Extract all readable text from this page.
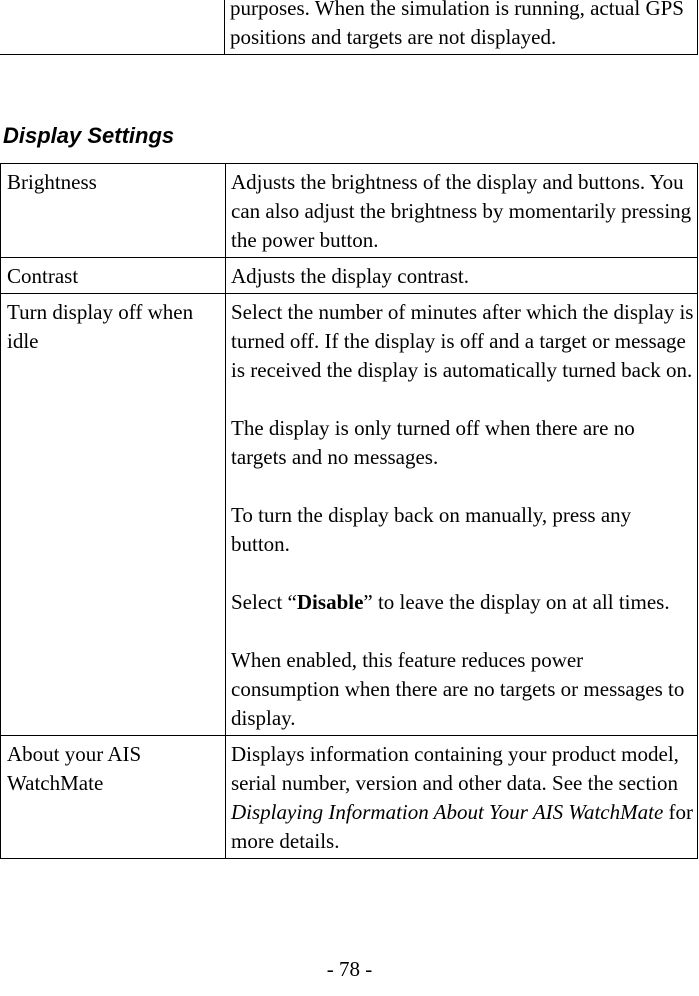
purposes. When the simulation is running, actual GPS positions and targets are not displayed.

Display Settings
Brightness	Adjusts the brightness of the display and buttons. You can also adjust the brightness by momentarily pressing the power button.

Contrast	Adjusts the display contrast.

Turn display off when idle	Select the number of minutes after which the display is turned off. If the display is off and a target or message is received the display is automatically turned back on.

The display is only turned off when there are no targets and no messages.

To turn the display back on manually, press any button.

Select “Disable” to leave the display on at all times.

When enabled, this feature reduces power consumption when there are no targets or messages to display.

About your AIS WatchMate	Displays information containing your product model, serial number, version and other data. See the section Displaying Information About Your AIS WatchMate for more details.

- 78 -
